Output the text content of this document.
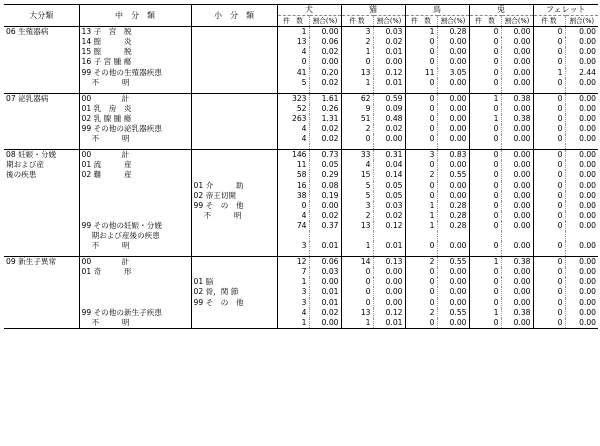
大分類	中　分　類	小　分　類	犬		猫		鳥		兎		フェレット	
			件　数	割合(%)	件 数	割合(%)	件　数	割合(%)	件　数	割合(%)	件 数	割合(%)
06 生殖器病	13 子　宮　脱		1	0.00	3	0.03	1	0.28	0	0.00	0	0.00
	14 膣　　　炎		13	0.06	2	0.02	0	0.00	0	0.00	0	0.00
	15 膣　　　脱		4	0.02	1	0.01	0	0.00	0	0.00	0	0.00
	16 子 宮 腫 瘍		0	0.00	0	0.00	0	0.00	0	0.00	0	0.00
	99 その他の生殖器疾患		41	0.20	13	0.12	11	3.05	0	0.00	1	2.44
	　 不　　　明		5	0.02	1	0.01	0	0.00	0	0.00	0	0.00

07 泌乳器病	00　　　　計		323	1.61	62	0.59	0	0.00	1	0.38	0	0.00
	01 乳　房　炎		52	0.26	9	0.09	0	0.00	0	0.00	0	0.00
	02 乳 腺 腫 瘍		263	1.31	51	0.48	0	0.00	1	0.38	0	0.00
	99 その他の泌乳器疾患		4	0.02	2	0.02	0	0.00	0	0.00	0	0.00
	　 不　　　明		4	0.02	0	0.00	0	0.00	0	0.00	0	0.00

08 妊娠・分娩	00　　　　計		146	0.73	33	0.31	3	0.83	0	0.00	0	0.00
期および産	01 流　　　産		11	0.05	4	0.04	0	0.00	0	0.00	0	0.00
後の疾患	02 難　　　産		58	0.29	15	0.14	2	0.55	0	0.00	0	0.00
		01 介　　　助	16	0.08	5	0.05	0	0.00	0	0.00	0	0.00
		02 帝王切開	38	0.19	5	0.05	0	0.00	0	0.00	0	0.00
		99 そ　の　他	0	0.00	3	0.03	1	0.28	0	0.00	0	0.00
		　 不　　　明	4	0.02	2	0.02	1	0.28	0	0.00	0	0.00
	99 その他の妊娠・分娩		74	0.37	13	0.12	1	0.28	0	0.00	0	0.00
	　 期および産後の疾患											
	　 不　　　明		3	0.01	1	0.01	0	0.00	0	0.00	0	0.00

09 新生子異常	00　　　　計		12	0.06	14	0.13	2	0.55	1	0.38	0	0.00
	01 奇　　　形		7	0.03	0	0.00	0	0.00	0	0.00	0	0.00
		01 脳	1	0.00	0	0.00	0	0.00	0	0.00	0	0.00
		02 骨，関 節	3	0.01	0	0.00	0	0.00	0	0.00	0	0.00
		99 そ　の　他	3	0.01	0	0.00	0	0.00	0	0.00	0	0.00
	99 その他の新生子疾患		4	0.02	13	0.12	2	0.55	1	0.38	0	0.00
	　 不　　　明		1	0.00	1	0.01	0	0.00	0	0.00	0	0.00
